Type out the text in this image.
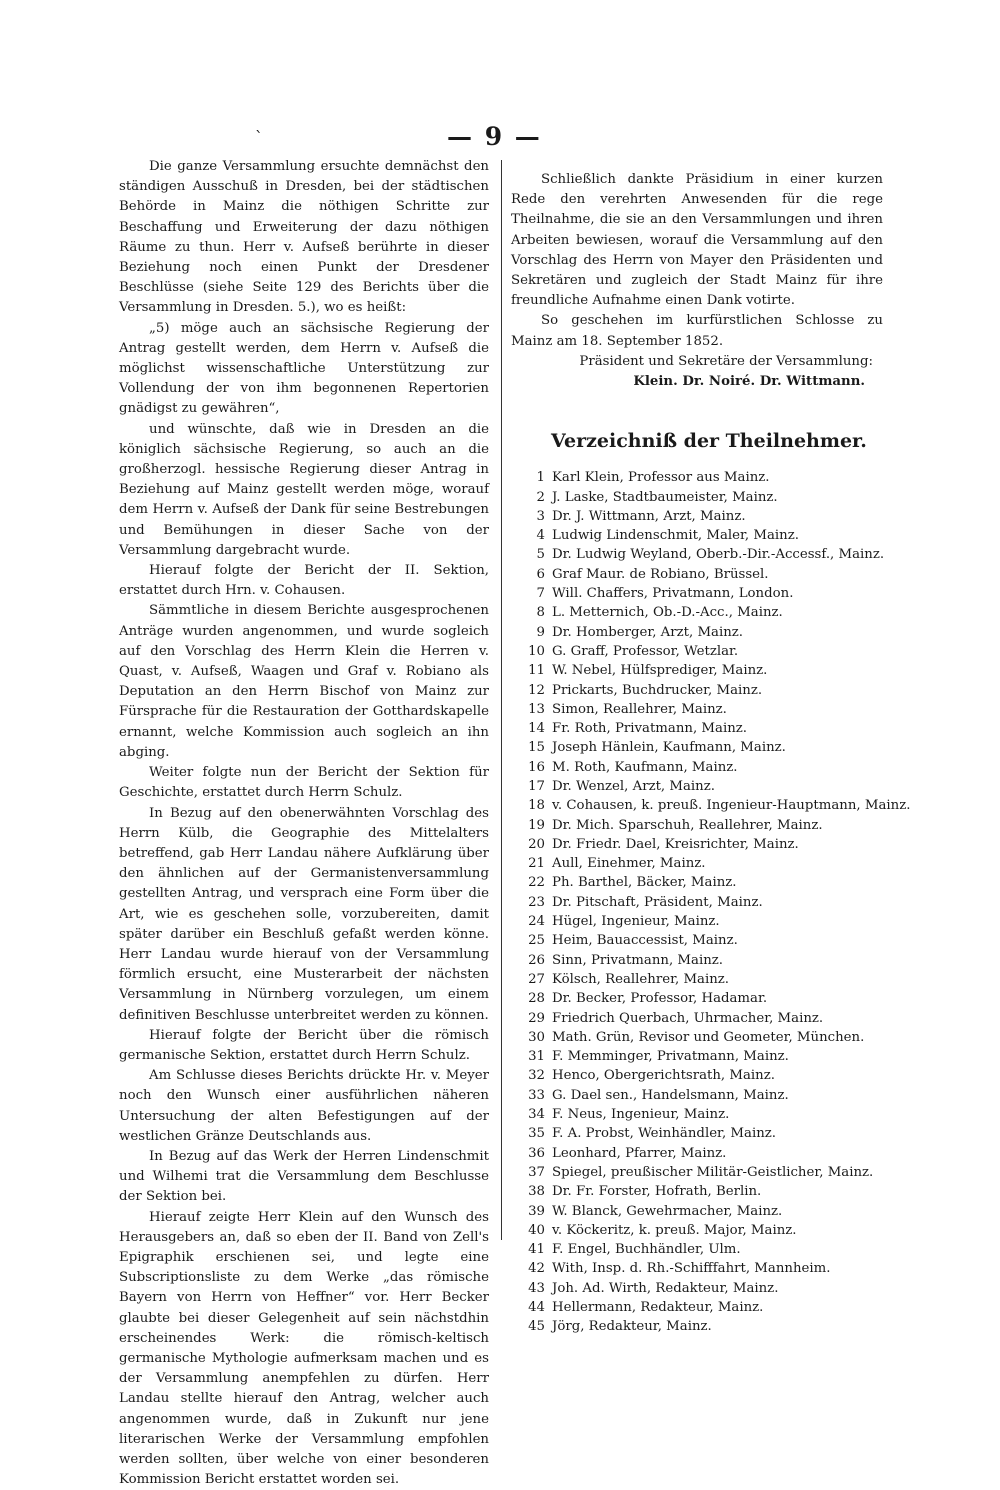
ˋ	— 9 —

Die ganze Versammlung ersuchte demnächst den ständigen Ausschuß in Dresden, bei der städtischen Behörde in Mainz die nöthigen Schritte zur Beschaffung und Erweiterung der dazu nöthigen Räume zu thun. Herr v. Aufseß berührte in dieser Beziehung noch einen Punkt der Dresdener Beschlüsse (siehe Seite 129 des Berichts über die Versammlung in Dresden. 5.), wo es heißt:

„5) möge auch an sächsische Regierung der Antrag gestellt werden, dem Herrn v. Aufseß die möglichst wissenschaftliche Unterstützung zur Vollendung der von ihm begonnenen Repertorien gnädigst zu gewähren“,

und wünschte, daß wie in Dresden an die königlich sächsische Regierung, so auch an die großherzogl. hessische Regierung dieser Antrag in Beziehung auf Mainz gestellt werden möge, worauf dem Herrn v. Aufseß der Dank für seine Bestrebungen und Bemühungen in dieser Sache von der Versammlung dargebracht wurde.

Hierauf folgte der Bericht der II. Sektion, erstattet durch Hrn. v. Cohausen.

Sämmtliche in diesem Berichte ausgesprochenen Anträge wurden angenommen, und wurde sogleich auf den Vorschlag des Herrn Klein die Herren v. Quast, v. Aufseß, Waagen und Graf v. Robiano als Deputation an den Herrn Bischof von Mainz zur Fürsprache für die Restauration der Gotthardskapelle ernannt, welche Kommission auch sogleich an ihn abging.

Weiter folgte nun der Bericht der Sektion für Geschichte, erstattet durch Herrn Schulz.

In Bezug auf den obenerwähnten Vorschlag des Herrn Külb, die Geographie des Mittelalters betreffend, gab Herr Landau nähere Aufklärung über den ähnlichen auf der Germanistenversammlung gestellten Antrag, und versprach eine Form über die Art, wie es geschehen solle, vorzubereiten, damit später darüber ein Beschluß gefaßt werden könne. Herr Landau wurde hierauf von der Versammlung förmlich ersucht, eine Musterarbeit der nächsten Versammlung in Nürnberg vorzulegen, um einem definitiven Beschlusse unterbreitet werden zu können.

Hierauf folgte der Bericht über die römisch germanische Sektion, erstattet durch Herrn Schulz.

Am Schlusse dieses Berichts drückte Hr. v. Meyer noch den Wunsch einer ausführlichen näheren Untersuchung der alten Befestigungen auf der westlichen Gränze Deutschlands aus.

In Bezug auf das Werk der Herren Lindenschmit und Wilhemi trat die Versammlung dem Beschlusse der Sektion bei.

Hierauf zeigte Herr Klein auf den Wunsch des Herausgebers an, daß so eben der II. Band von Zell's Epigraphik erschienen sei, und legte eine Subscriptionsliste zu dem Werke „das römische Bayern von Herrn von Heffner“ vor. Herr Becker glaubte bei dieser Gelegenheit auf sein nächstdhin erscheinendes Werk: die römisch-keltisch germanische Mythologie aufmerksam machen und es der Versammlung anempfehlen zu dürfen. Herr Landau stellte hierauf den Antrag, welcher auch angenommen wurde, daß in Zukunft nur jene literarischen Werke der Versammlung empfohlen werden sollten, über welche von einer besonderen Kommission Bericht erstattet worden sei.

Schließlich dankte Präsidium in einer kurzen Rede den verehrten Anwesenden für die rege Theilnahme, die sie an den Versammlungen und ihren Arbeiten bewiesen, worauf die Versammlung auf den Vorschlag des Herrn von Mayer den Präsidenten und Sekretären und zugleich der Stadt Mainz für ihre freundliche Aufnahme einen Dank votirte.

So geschehen im kurfürstlichen Schlosse zu Mainz am 18. September 1852.

Präsident und Sekretäre der Versammlung:

Klein. Dr. Noiré. Dr. Wittmann.

Verzeichniß der Theilnehmer.
1 Karl Klein, Professor aus Mainz.
2 J. Laske, Stadtbaumeister, Mainz.
3 Dr. J. Wittmann, Arzt, Mainz.
4 Ludwig Lindenschmit, Maler, Mainz.
5 Dr. Ludwig Weyland, Oberb.-Dir.-Accessf., Mainz.
6 Graf Maur. de Robiano, Brüssel.
7 Will. Chaffers, Privatmann, London.
8 L. Metternich, Ob.-D.-Acc., Mainz.
9 Dr. Homberger, Arzt, Mainz.
10 G. Graff, Professor, Wetzlar.
11 W. Nebel, Hülfsprediger, Mainz.
12 Prickarts, Buchdrucker, Mainz.
13 Simon, Reallehrer, Mainz.
14 Fr. Roth, Privatmann, Mainz.
15 Joseph Hänlein, Kaufmann, Mainz.
16 M. Roth, Kaufmann, Mainz.
17 Dr. Wenzel, Arzt, Mainz.
18 v. Cohausen, k. preuß. Ingenieur-Hauptmann, Mainz.
19 Dr. Mich. Sparschuh, Reallehrer, Mainz.
20 Dr. Friedr. Dael, Kreisrichter, Mainz.
21 Aull, Einehmer, Mainz.
22 Ph. Barthel, Bäcker, Mainz.
23 Dr. Pitschaft, Präsident, Mainz.
24 Hügel, Ingenieur, Mainz.
25 Heim, Bauaccessist, Mainz.
26 Sinn, Privatmann, Mainz.
27 Kölsch, Reallehrer, Mainz.
28 Dr. Becker, Professor, Hadamar.
29 Friedrich Querbach, Uhrmacher, Mainz.
30 Math. Grün, Revisor und Geometer, München.
31 F. Memminger, Privatmann, Mainz.
32 Henco, Obergerichtsrath, Mainz.
33 G. Dael sen., Handelsmann, Mainz.
34 F. Neus, Ingenieur, Mainz.
35 F. A. Probst, Weinhändler, Mainz.
36 Leonhard, Pfarrer, Mainz.
37 Spiegel, preußischer Militär-Geistlicher, Mainz.
38 Dr. Fr. Forster, Hofrath, Berlin.
39 W. Blanck, Gewehrmacher, Mainz.
40 v. Köckeritz, k. preuß. Major, Mainz.
41 F. Engel, Buchhändler, Ulm.
42 With, Insp. d. Rh.-Schifffahrt, Mannheim.
43 Joh. Ad. Wirth, Redakteur, Mainz.
44 Hellermann, Redakteur, Mainz.
45 Jörg, Redakteur, Mainz.
